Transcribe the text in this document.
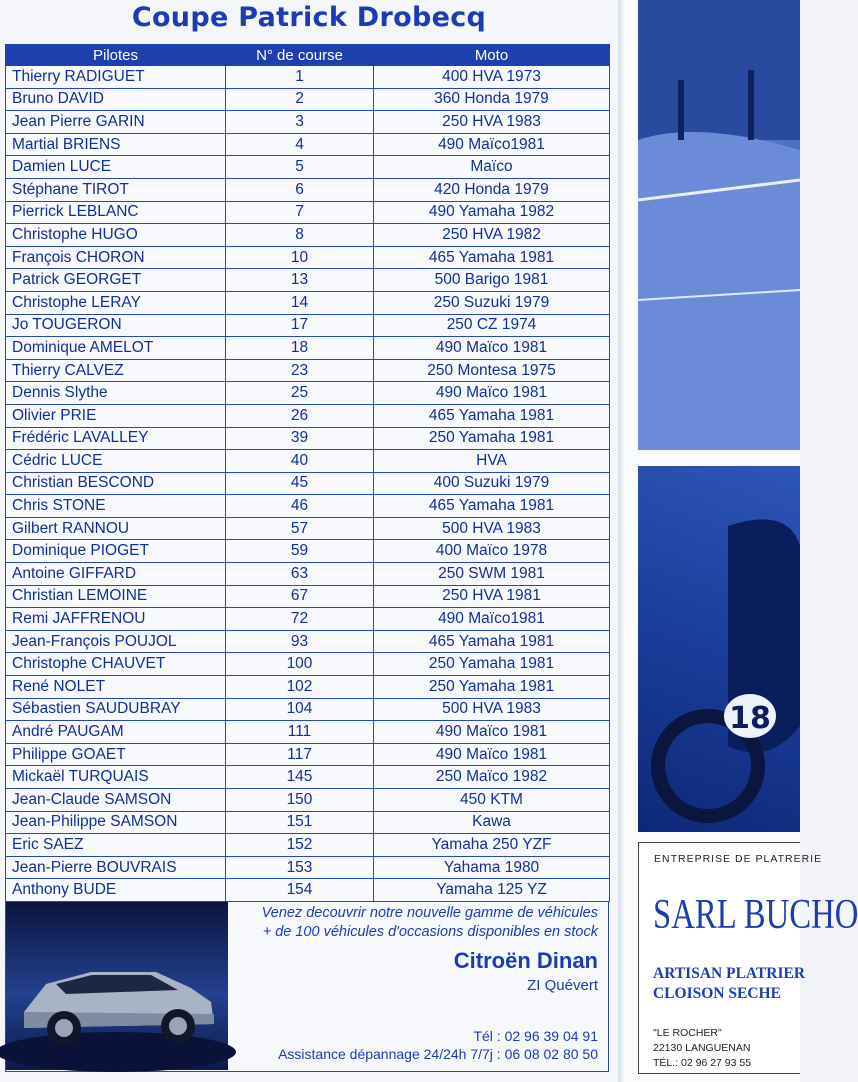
Coupe Patrick Drobecq
Pilotes	N° de course	Moto
Thierry RADIGUET	1	400 HVA 1973
Bruno DAVID	2	360 Honda 1979
Jean Pierre GARIN	3	250 HVA 1983
Martial BRIENS	4	490 Maïco1981
Damien LUCE	5	Maïco
Stéphane TIROT	6	420 Honda 1979
Pierrick LEBLANC	7	490 Yamaha 1982
Christophe HUGO	8	250 HVA 1982
François CHORON	10	465 Yamaha 1981
Patrick GEORGET	13	500 Barigo 1981
Christophe LERAY	14	250 Suzuki 1979
Jo TOUGERON	17	250 CZ 1974
Dominique AMELOT	18	490 Maïco 1981
Thierry CALVEZ	23	250 Montesa 1975
Dennis Slythe	25	490 Maïco 1981
Olivier PRIE	26	465 Yamaha 1981
Frédéric LAVALLEY	39	250 Yamaha 1981
Cédric LUCE	40	HVA
Christian BESCOND	45	400 Suzuki 1979
Chris STONE	46	465 Yamaha 1981
Gilbert RANNOU	57	500 HVA 1983
Dominique PIOGET	59	400 Maïco 1978
Antoine GIFFARD	63	250 SWM 1981
Christian LEMOINE	67	250 HVA 1981
Remi JAFFRENOU	72	490 Maïco1981
Jean-François POUJOL	93	465 Yamaha 1981
Christophe CHAUVET	100	250 Yamaha 1981
René NOLET	102	250 Yamaha 1981
Sébastien SAUDUBRAY	104	500 HVA 1983
André PAUGAM	111	490 Maïco 1981
Philippe GOAET	117	490 Maïco 1981
Mickaël TURQUAIS	145	250 Maïco 1982
Jean-Claude SAMSON	150	450 KTM
Jean-Philippe SAMSON	151	Kawa
Eric SAEZ	152	Yamaha 250 YZF
Jean-Pierre BOUVRAIS	153	Yahama 1980
Anthony BUDE	154	Yamaha 125 YZ
Venez decouvrir notre nouvelle gamme de véhicules
+ de 100 véhicules d'occasions disponibles en stock
Citroën Dinan
ZI Quévert
Tél : 02 96 39 04 91
Assistance dépannage 24/24h 7/7j : 06 08 02 80 50
18
ENTREPRISE DE PLATRERIE
SARL BUCHO
ARTISAN PLATRIER
CLOISON SECHE
"LE ROCHER"
22130 LANGUENAN
TÉL.: 02 96 27 93 55
